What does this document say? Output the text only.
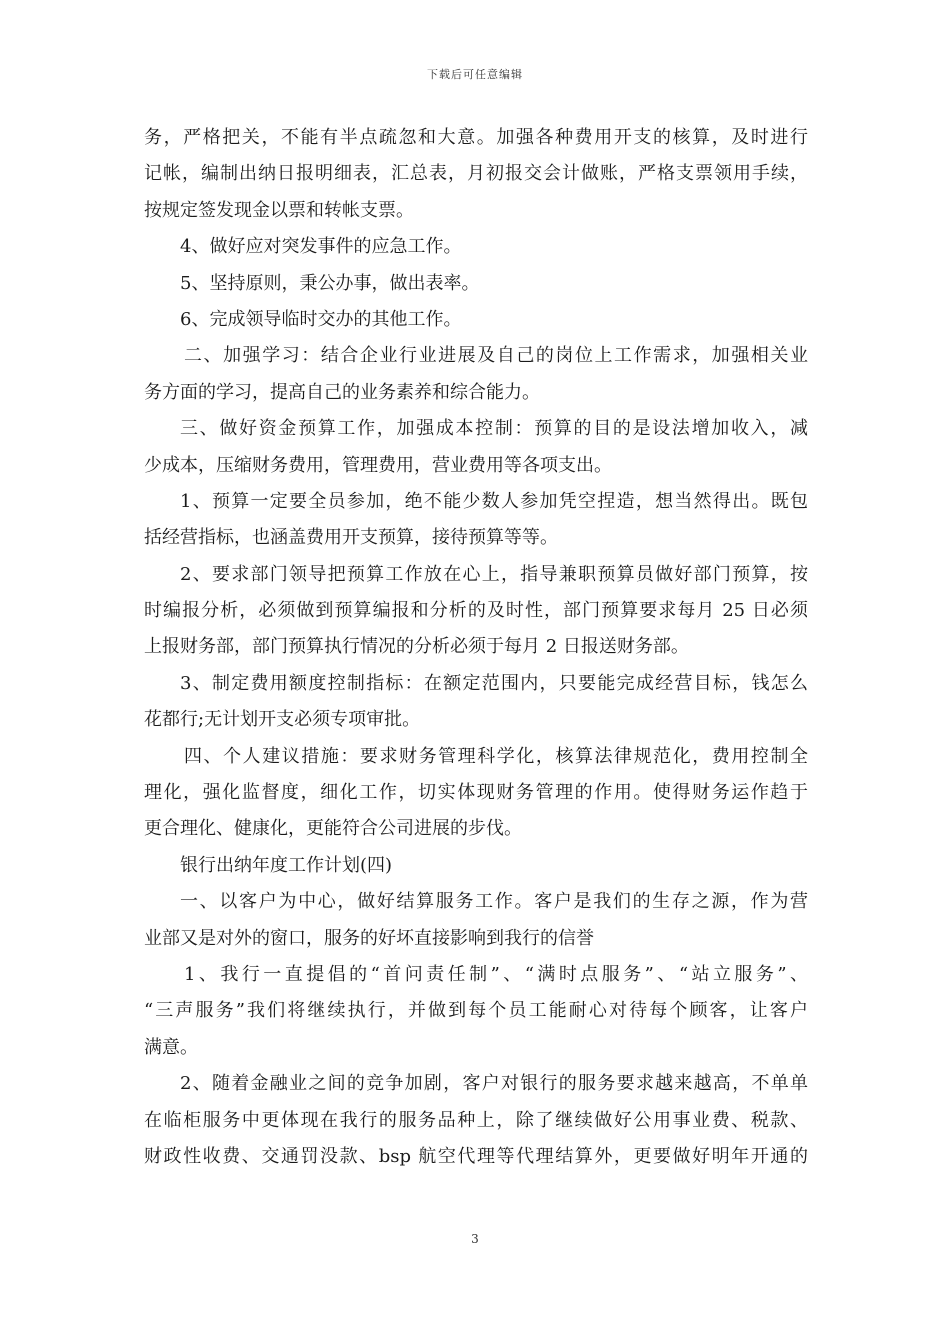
下载后可任意编辑
务，严格把关，不能有半点疏忽和大意。加强各种费用开支的核算，及时进行
记帐，编制出纳日报明细表，汇总表，月初报交会计做账，严格支票领用手续，
按规定签发现金以票和转帐支票。
4、做好应对突发事件的应急工作。
5、坚持原则，秉公办事，做出表率。
6、完成领导临时交办的其他工作。
二、加强学习：结合企业行业进展及自己的岗位上工作需求，加强相关业
务方面的学习，提高自己的业务素养和综合能力。
三、做好资金预算工作，加强成本控制：预算的目的是设法增加收入，减
少成本，压缩财务费用，管理费用，营业费用等各项支出。
1、预算一定要全员参加，绝不能少数人参加凭空捏造，想当然得出。既包
括经营指标，也涵盖费用开支预算，接待预算等等。
2、要求部门领导把预算工作放在心上，指导兼职预算员做好部门预算，按
时编报分析，必须做到预算编报和分析的及时性，部门预算要求每月 25 日必须
上报财务部，部门预算执行情况的分析必须于每月 2 日报送财务部。
3、制定费用额度控制指标：在额定范围内，只要能完成经营目标，钱怎么
花都行;无计划开支必须专项审批。
四、个人建议措施：要求财务管理科学化，核算法律规范化，费用控制全
理化，强化监督度，细化工作，切实体现财务管理的作用。使得财务运作趋于
更合理化、健康化，更能符合公司进展的步伐。
银行出纳年度工作计划(四)
一、以客户为中心，做好结算服务工作。客户是我们的生存之源，作为营
业部又是对外的窗口，服务的好坏直接影响到我行的信誉
1、我行一直提倡的“首问责任制”、“满时点服务”、“站立服务”、
“三声服务”我们将继续执行，并做到每个员工能耐心对待每个顾客，让客户
满意。
2、随着金融业之间的竞争加剧，客户对银行的服务要求越来越高，不单单
在临柜服务中更体现在我行的服务品种上，除了继续做好公用事业费、税款、
财政性收费、交通罚没款、bsp 航空代理等代理结算外，更要做好明年开通的
3
